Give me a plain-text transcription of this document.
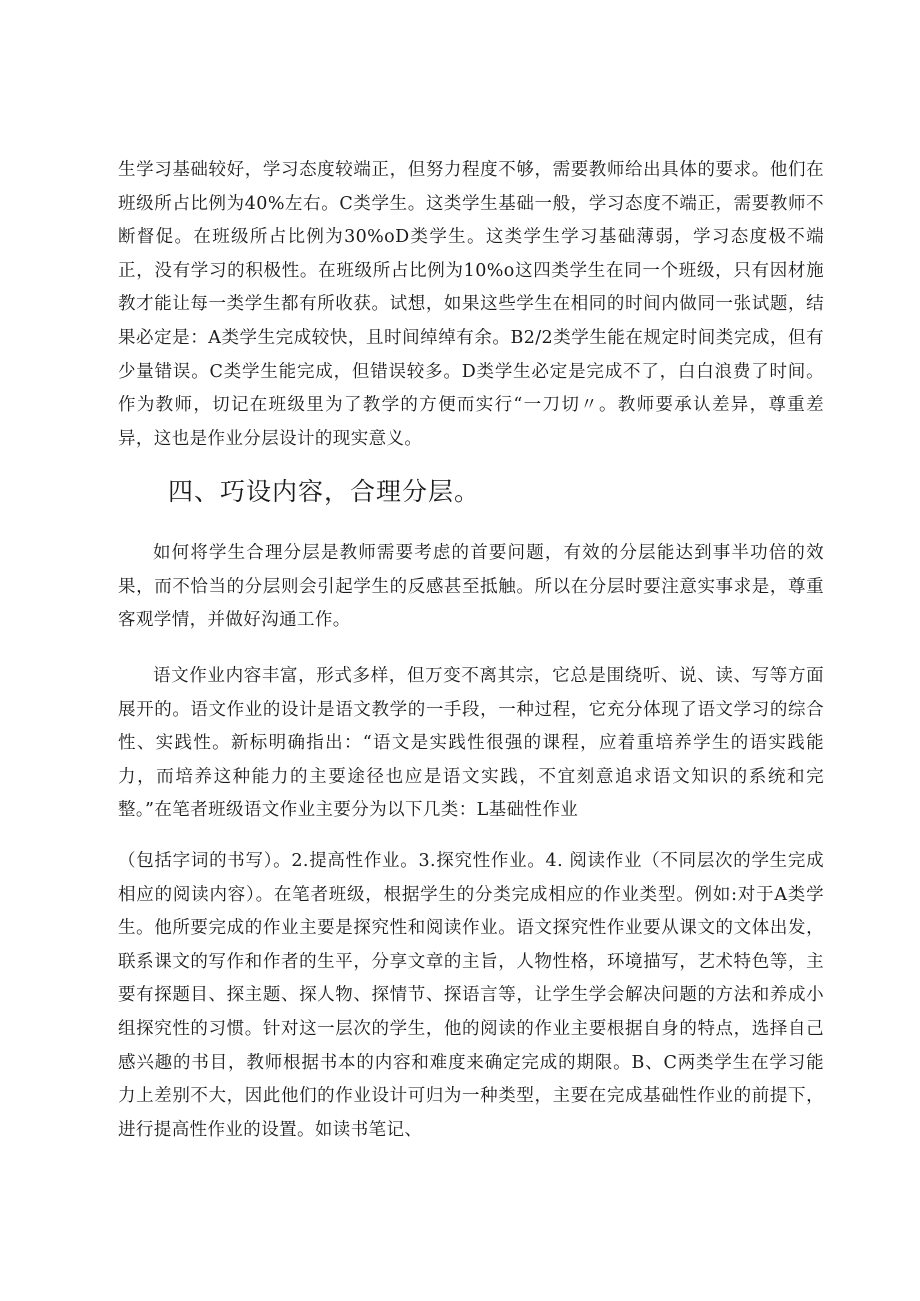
生学习基础较好，学习态度较端正，但努力程度不够，需要教师给出具体的要求。他们在班级所占比例为40%左右。C类学生。这类学生基础一般，学习态度不端正，需要教师不断督促。在班级所占比例为30%oD类学生。这类学生学习基础薄弱，学习态度极不端正，没有学习的积极性。在班级所占比例为10%o这四类学生在同一个班级，只有因材施教才能让每一类学生都有所收获。试想，如果这些学生在相同的时间内做同一张试题，结果必定是：A类学生完成较快，且时间绰绰有余。B2/2类学生能在规定时间类完成，但有少量错误。C类学生能完成，但错误较多。D类学生必定是完成不了，白白浪费了时间。作为教师，切记在班级里为了教学的方便而实行“一刀切〃。教师要承认差异，尊重差异，这也是作业分层设计的现实意义。

四、巧设内容，合理分层。

如何将学生合理分层是教师需要考虑的首要问题，有效的分层能达到事半功倍的效果，而不恰当的分层则会引起学生的反感甚至抵触。所以在分层时要注意实事求是，尊重客观学情，并做好沟通工作。

语文作业内容丰富，形式多样，但万变不离其宗，它总是围绕听、说、读、写等方面展开的。语文作业的设计是语文教学的一手段，一种过程，它充分体现了语文学习的综合性、实践性。新标明确指出：“语文是实践性很强的课程，应着重培养学生的语实践能力，而培养这种能力的主要途径也应是语文实践，不宜刻意追求语文知识的系统和完整。”在笔者班级语文作业主要分为以下几类：L基础性作业

（包括字词的书写）。2.提高性作业。3.探究性作业。4. 阅读作业（不同层次的学生完成相应的阅读内容）。在笔者班级，根据学生的分类完成相应的作业类型。例如:对于A类学生。他所要完成的作业主要是探究性和阅读作业。语文探究性作业要从课文的文体出发，联系课文的写作和作者的生平，分享文章的主旨，人物性格，环境描写，艺术特色等，主要有探题目、探主题、探人物、探情节、探语言等，让学生学会解决问题的方法和养成小组探究性的习惯。针对这一层次的学生，他的阅读的作业主要根据自身的特点，选择自己感兴趣的书目，教师根据书本的内容和难度来确定完成的期限。B、C两类学生在学习能力上差别不大，因此他们的作业设计可归为一种类型，主要在完成基础性作业的前提下，进行提高性作业的设置。如读书笔记、
